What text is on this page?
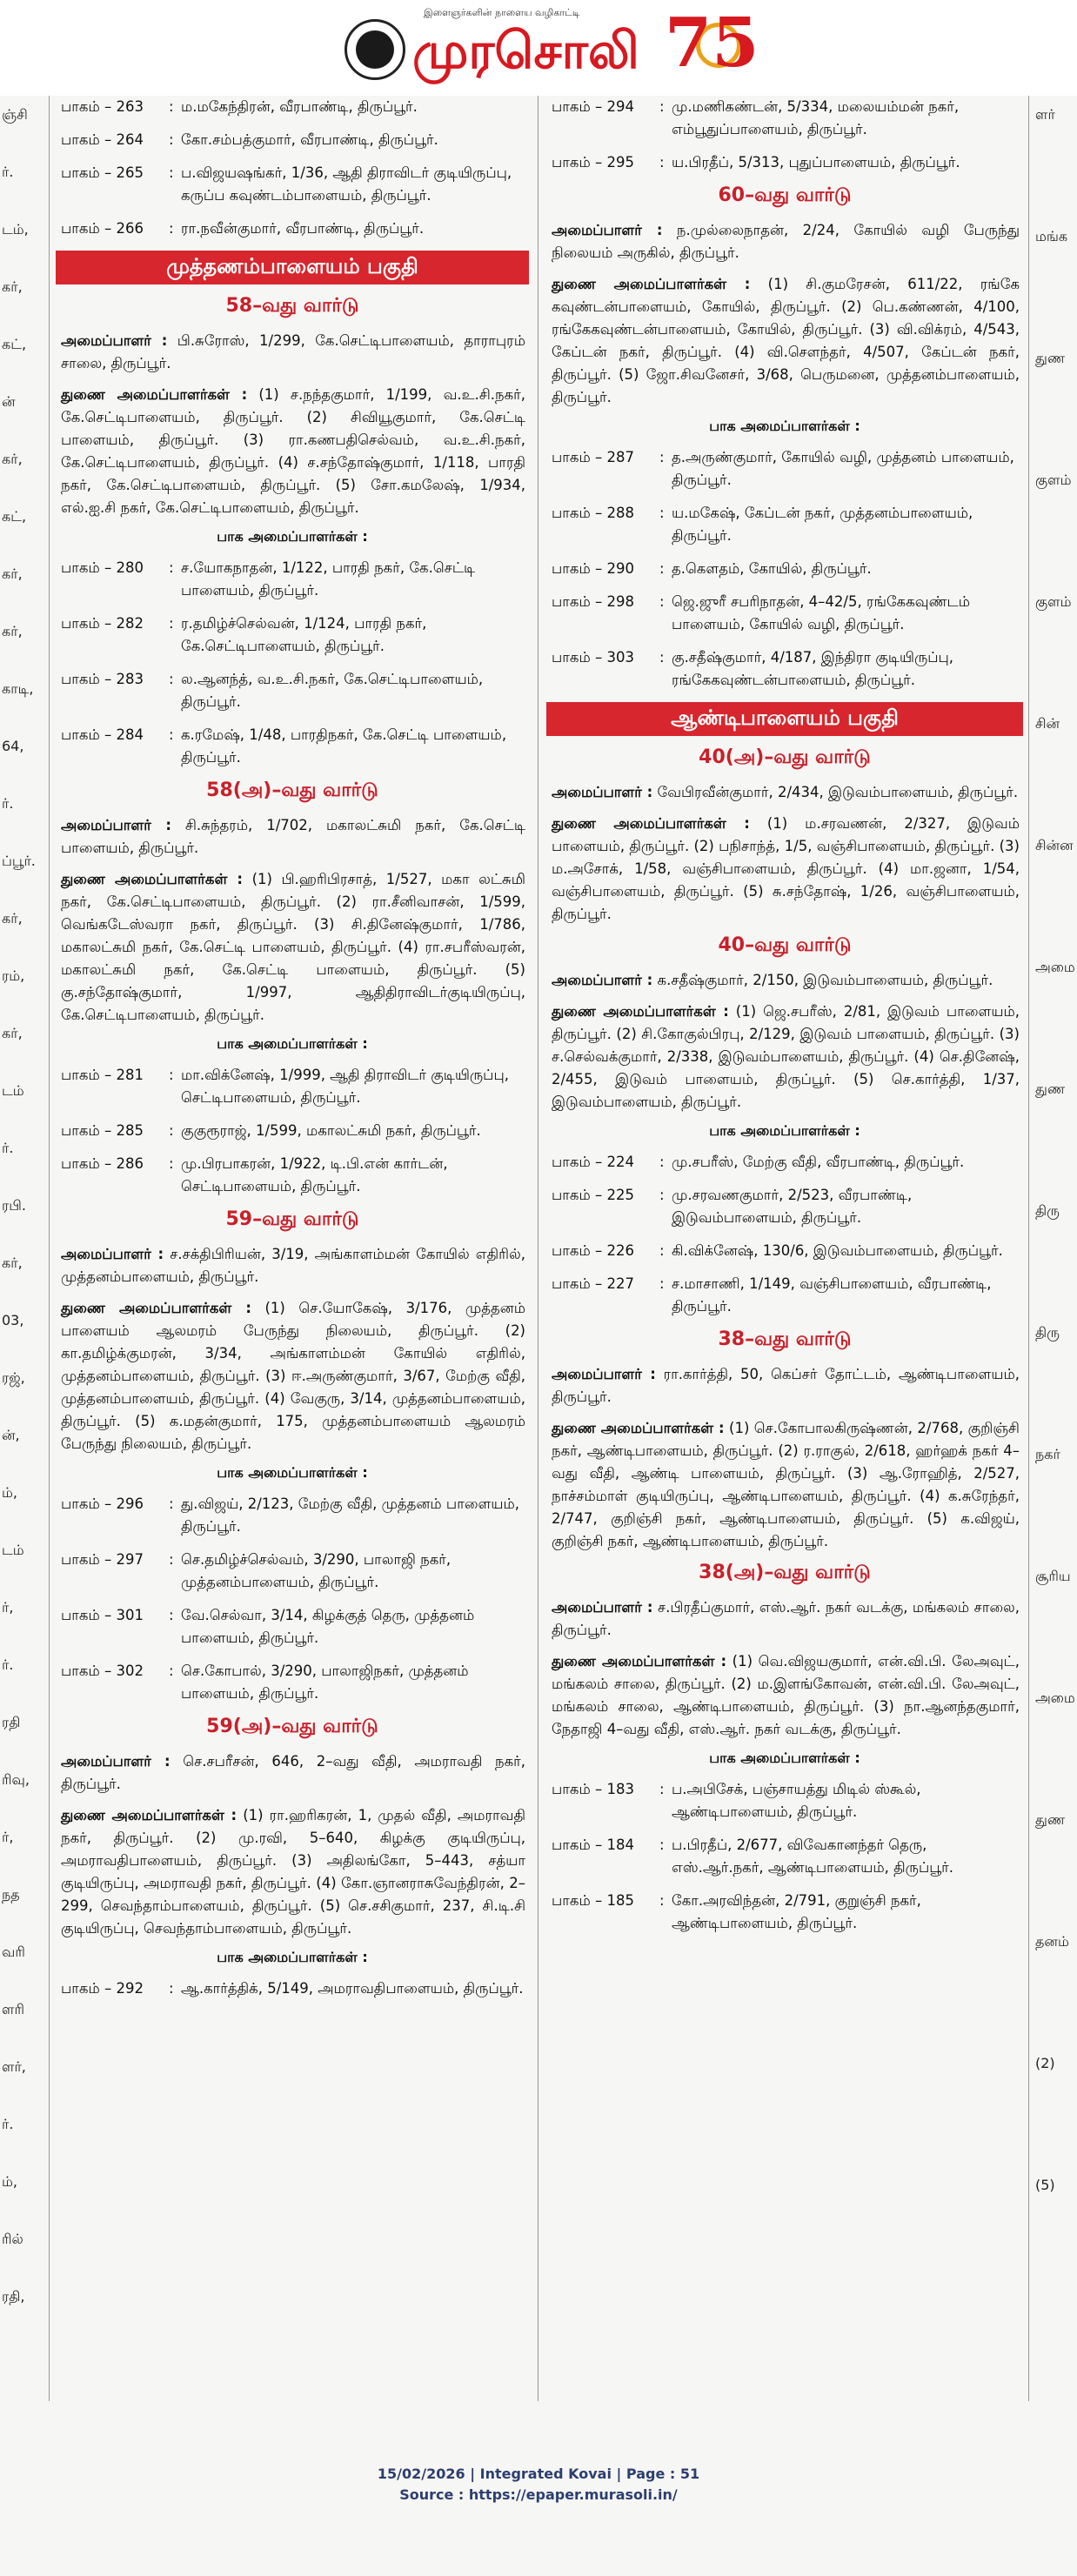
இளைஞர்களின் நாளைய வழிகாட்டி
முரசொலி 75
ஞ்சி
ர்.
டம்,
கர்,
கட்,
ன்
கர்,
கட்,
கர்,
கர்,
காடி,
64,
ர்.
ப்பூர்.
கர்,
ரம்,
கர்,
டம்
ர்.
ரபி.
கர்,
03,
ரஜ்,
ன்,
ம்,
டம்
ர்,
ர்.
ரதி
ரிவு,
ர்,
நத
வரி
ளரி
ளர்,
ர்.
ம்,
ரில்
ரதி,
பாகம் – 263	: ம.மகேந்திரன், வீரபாண்டி, திருப்பூர்.
பாகம் – 264	: கோ.சம்பத்குமார், வீரபாண்டி, திருப்பூர்.
பாகம் – 265	: ப.விஜயஷங்கர், 1/36, ஆதி திராவிடர் குடியிருப்பு, கருப்ப கவுண்டம்பாளையம், திருப்பூர்.
பாகம் – 266	: ரா.நவீன்குமார், வீரபாண்டி, திருப்பூர்.
முத்தணம்பாளையம் பகுதி
58–வது வார்டு
அமைப்பாளர் : பி.சுரோஸ், 1/299, கே.செட்டிபாளையம், தாராபுரம் சாலை, திருப்பூர்.
துணை அமைப்பாளர்கள் : (1) ச.நந்தகுமார், 1/199, வ.உ.சி.நகர், கே.செட்டிபாளையம், திருப்பூர். (2) சிவியூகுமார், கே.செட்டி பாளையம், திருப்பூர். (3) ரா.கணபதிசெல்வம், வ.உ.சி.நகர், கே.செட்டிபாளையம், திருப்பூர். (4) ச.சந்தோஷ்குமார், 1/118, பாரதி நகர், கே.செட்டிபாளையம், திருப்பூர். (5) சோ.கமலேஷ், 1/934, எல்.ஐ.சி நகர், கே.செட்டிபாளையம், திருப்பூர்.
பாக அமைப்பாளர்கள் :
பாகம் – 280	: ச.யோகநாதன், 1/122, பாரதி நகர், கே.செட்டி பாளையம், திருப்பூர்.
பாகம் – 282	: ர.தமிழ்ச்செல்வன், 1/124, பாரதி நகர், கே.செட்டிபாளையம், திருப்பூர்.
பாகம் – 283	: ல.ஆனந்த், வ.உ.சி.நகர், கே.செட்டிபாளையம், திருப்பூர்.
பாகம் – 284	: க.ரமேஷ், 1/48, பாரதிநகர், கே.செட்டி பாளையம், திருப்பூர்.
58(அ)–வது வார்டு
அமைப்பாளர் : சி.சுந்தரம், 1/702, மகாலட்சுமி நகர், கே.செட்டி பாளையம், திருப்பூர்.
துணை அமைப்பாளர்கள் : (1) பி.ஹரிபிரசாத், 1/527, மகா லட்சுமி நகர், கே.செட்டிபாளையம், திருப்பூர். (2) ரா.சீனிவாசன், 1/599, வெங்கடேஸ்வரா நகர், திருப்பூர். (3) சி.தினேஷ்குமார், 1/786, மகாலட்சுமி நகர், கே.செட்டி பாளையம், திருப்பூர். (4) ரா.சபரீஸ்வரன், மகாலட்சுமி நகர், கே.செட்டி பாளையம், திருப்பூர். (5) கு.சந்தோஷ்குமார், 1/997, ஆதிதிராவிடர்குடியிருப்பு, கே.செட்டிபாளையம், திருப்பூர்.
பாக அமைப்பாளர்கள் :
பாகம் – 281	: மா.விக்னேஷ், 1/999, ஆதி திராவிடர் குடியிருப்பு, செட்டிபாளையம், திருப்பூர்.
பாகம் – 285	: குகுரூராஜ், 1/599, மகாலட்சுமி நகர், திருப்பூர்.
பாகம் – 286	: மு.பிரபாகரன், 1/922, டி.பி.என் கார்டன், செட்டிபாளையம், திருப்பூர்.
59–வது வார்டு
அமைப்பாளர் : ச.சக்திபிரியன், 3/19, அங்காளம்மன் கோயில் எதிரில், முத்தனம்பாளையம், திருப்பூர்.
துணை அமைப்பாளர்கள் : (1) செ.யோகேஷ், 3/176, முத்தனம் பாளையம் ஆலமரம் பேருந்து நிலையம், திருப்பூர். (2) கா.தமிழ்க்குமரன், 3/34, அங்காளம்மன் கோயில் எதிரில், முத்தனம்பாளையம், திருப்பூர். (3) ஈ.அருண்குமார், 3/67, மேற்கு வீதி, முத்தனம்பாளையம், திருப்பூர். (4) வேகுரு, 3/14, முத்தனம்பாளையம், திருப்பூர். (5) க.மதன்குமார், 175, முத்தனம்பாளையம் ஆலமரம் பேருந்து நிலையம், திருப்பூர்.
பாக அமைப்பாளர்கள் :
பாகம் – 296	: து.விஜய், 2/123, மேற்கு வீதி, முத்தனம் பாளையம், திருப்பூர்.
பாகம் – 297	: செ.தமிழ்ச்செல்வம், 3/290, பாலாஜி நகர், முத்தனம்பாளையம், திருப்பூர்.
பாகம் – 301	: வே.செல்வா, 3/14, கிழக்குத் தெரு, முத்தனம் பாளையம், திருப்பூர்.
பாகம் – 302	: செ.கோபால், 3/290, பாலாஜிநகர், முத்தனம் பாளையம், திருப்பூர்.
59(அ)–வது வார்டு
அமைப்பாளர் : செ.சபரீசன், 646, 2–வது வீதி, அமராவதி நகர், திருப்பூர்.
துணை அமைப்பாளர்கள் : (1) ரா.ஹரிகரன், 1, முதல் வீதி, அமராவதி நகர், திருப்பூர். (2) மு.ரவி, 5–640, கிழக்கு குடியிருப்பு, அமராவதிபாளையம், திருப்பூர். (3) அதிலங்கோ, 5–443, சத்யா குடியிருப்பு, அமராவதி நகர், திருப்பூர். (4) கோ.ஞானராசுவேந்திரன், 2–299, செவந்தாம்பாளையம், திருப்பூர். (5) செ.சசிகுமார், 237, சி.டி.சி குடியிருப்பு, செவந்தாம்பாளையம், திருப்பூர்.
பாக அமைப்பாளர்கள் :
பாகம் – 292	: ஆ.கார்த்திக், 5/149, அமராவதிபாளையம், திருப்பூர்.
பாகம் – 294	: மு.மணிகண்டன், 5/334, மலையம்மன் நகர், எம்பூதுப்பாளையம், திருப்பூர்.
பாகம் – 295	: ய.பிரதீப், 5/313, புதுப்பாளையம், திருப்பூர்.
60–வது வார்டு
அமைப்பாளர் : ந.முல்லைநாதன், 2/24, கோயில் வழி பேருந்து நிலையம் அருகில், திருப்பூர்.
துணை அமைப்பாளர்கள் : (1) சி.குமரேசன், 611/22, ரங்கே கவுண்டன்பாளையம், கோயில், திருப்பூர். (2) பெ.கண்ணன், 4/100, ரங்கேகவுண்டன்பாளையம், கோயில், திருப்பூர். (3) வி.விக்ரம், 4/543, கேப்டன் நகர், திருப்பூர். (4) வி.சௌந்தர், 4/507, கேப்டன் நகர், திருப்பூர். (5) ஜோ.சிவனேசர், 3/68, பெருமனை, முத்தனம்பாளையம், திருப்பூர்.
பாக அமைப்பாளர்கள் :
பாகம் – 287	: த.அருண்குமார், கோயில் வழி, முத்தனம் பாளையம், திருப்பூர்.
பாகம் – 288	: ய.மகேஷ், கேப்டன் நகர், முத்தனம்பாளையம், திருப்பூர்.
பாகம் – 290	: த.கௌதம், கோயில், திருப்பூர்.
பாகம் – 298	: ஜெ.ஜுரீ சபரிநாதன், 4–42/5, ரங்கேகவுண்டம் பாளையம், கோயில் வழி, திருப்பூர்.
பாகம் – 303	: கு.சதீஷ்குமார், 4/187, இந்திரா குடியிருப்பு, ரங்கேகவுண்டன்பாளையம், திருப்பூர்.
ஆண்டிபாளையம் பகுதி
40(அ)–வது வார்டு
அமைப்பாளர் : வேபிரவீன்குமார், 2/434, இடுவம்பாளையம், திருப்பூர்.
துணை அமைப்பாளர்கள் : (1) ம.சரவணன், 2/327, இடுவம் பாளையம், திருப்பூர். (2) பநிசாந்த், 1/5, வஞ்சிபாளையம், திருப்பூர். (3) ம.அசோக், 1/58, வஞ்சிபாளையம், திருப்பூர். (4) மா.ஜனா, 1/54, வஞ்சிபாளையம், திருப்பூர். (5) சு.சந்தோஷ், 1/26, வஞ்சிபாளையம், திருப்பூர்.
40–வது வார்டு
அமைப்பாளர் : க.சதீஷ்குமார், 2/150, இடுவம்பாளையம், திருப்பூர்.
துணை அமைப்பாளர்கள் : (1) ஜெ.சபரீஸ், 2/81, இடுவம் பாளையம், திருப்பூர். (2) சி.கோகுல்பிரபு, 2/129, இடுவம் பாளையம், திருப்பூர். (3) ச.செல்வக்குமார், 2/338, இடுவம்பாளையம், திருப்பூர். (4) செ.தினேஷ், 2/455, இடுவம் பாளையம், திருப்பூர். (5) செ.கார்த்தி, 1/37, இடுவம்பாளையம், திருப்பூர்.
பாக அமைப்பாளர்கள் :
பாகம் – 224	: மு.சபரீஸ், மேற்கு வீதி, வீரபாண்டி, திருப்பூர்.
பாகம் – 225	: மு.சரவணகுமார், 2/523, வீரபாண்டி, இடுவம்பாளையம், திருப்பூர்.
பாகம் – 226	: கி.விக்னேஷ், 130/6, இடுவம்பாளையம், திருப்பூர்.
பாகம் – 227	: ச.மாசாணி, 1/149, வஞ்சிபாளையம், வீரபாண்டி, திருப்பூர்.
38–வது வார்டு
அமைப்பாளர் : ரா.கார்த்தி, 50, கெப்சர் தோட்டம், ஆண்டிபாளையம், திருப்பூர்.
துணை அமைப்பாளர்கள் : (1) செ.கோபாலகிருஷ்ணன், 2/768, குறிஞ்சி நகர், ஆண்டிபாளையம், திருப்பூர். (2) ர.ராகுல், 2/618, ஹர்ஹக் நகர் 4–வது வீதி, ஆண்டி பாளையம், திருப்பூர். (3) ஆ.ரோஹித், 2/527, நாச்சம்மாள் குடியிருப்பு, ஆண்டிபாளையம், திருப்பூர். (4) க.சுரேந்தர், 2/747, குறிஞ்சி நகர், ஆண்டிபாளையம், திருப்பூர். (5) க.விஜய், குறிஞ்சி நகர், ஆண்டிபாளையம், திருப்பூர்.
38(அ)–வது வார்டு
அமைப்பாளர் : ச.பிரதீப்குமார், எஸ்.ஆர். நகர் வடக்கு, மங்கலம் சாலை, திருப்பூர்.
துணை அமைப்பாளர்கள் : (1) வெ.விஜயகுமார், என்.வி.பி. லேஅவுட், மங்கலம் சாலை, திருப்பூர். (2) ம.இளங்கோவன், என்.வி.பி. லேஅவுட், மங்கலம் சாலை, ஆண்டிபாளையம், திருப்பூர். (3) நா.ஆனந்தகுமார், நேதாஜி 4–வது வீதி, எஸ்.ஆர். நகர் வடக்கு, திருப்பூர்.
பாக அமைப்பாளர்கள் :
பாகம் – 183	: ப.அபிசேக், பஞ்சாயத்து மிடில் ஸ்கூல், ஆண்டிபாளையம், திருப்பூர்.
பாகம் – 184	: ப.பிரதீப், 2/677, விவேகானந்தர் தெரு, எஸ்.ஆர்.நகர், ஆண்டிபாளையம், திருப்பூர்.
பாகம் – 185	: கோ.அரவிந்தன், 2/791, குறுஞ்சி நகர், ஆண்டிபாளையம், திருப்பூர்.
ளர்
மங்க
துண
குளம்
குளம்
சின்
சின்ன
அமை
துண
திரு
திரு
நகர்
சூரிய
அமை
துண
தனம்
(2)
(5)
15/02/2026 | Integrated Kovai | Page : 51
Source : https://epaper.murasoli.in/
